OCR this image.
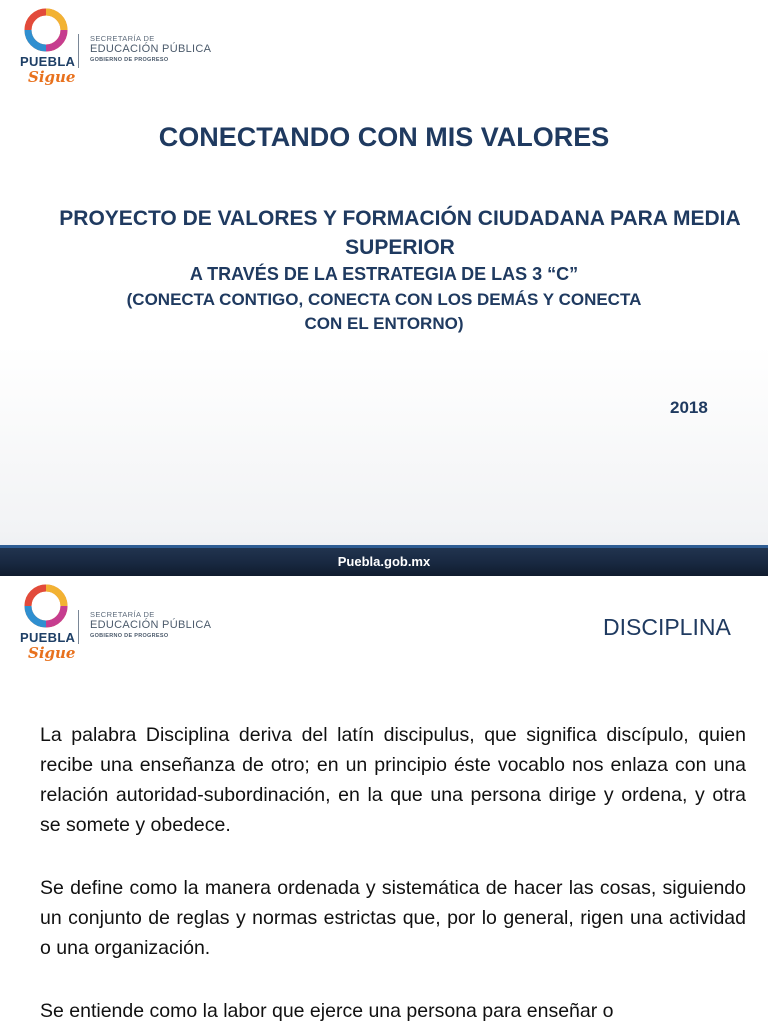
PUEBLA
Sigue
SECRETARÍA DE
EDUCACIÓN PÚBLICA
GOBIERNO DE PROGRESO
CONECTANDO CON MIS VALORES
PROYECTO DE VALORES Y FORMACIÓN CIUDADANA PARA MEDIA SUPERIOR
A TRAVÉS DE LA ESTRATEGIA DE LAS 3 “C”
(CONECTA CONTIGO, CONECTA CON LOS DEMÁS Y CONECTA CON EL ENTORNO)
2018
Puebla.gob.mx
PUEBLA
Sigue
SECRETARÍA DE
EDUCACIÓN PÚBLICA
GOBIERNO DE PROGRESO	DISCIPLINA

La palabra Disciplina deriva del latín discipulus, que significa discípulo, quien recibe una enseñanza de otro; en un principio éste vocablo nos enlaza con una relación autoridad-subordinación, en la que una persona dirige y ordena, y otra se somete y obedece.

Se define como la manera ordenada y sistemática de hacer las cosas, siguiendo un conjunto de reglas y normas estrictas que, por lo general, rigen una actividad o una organización.

Se entiende como la labor que ejerce una persona para enseñar o
